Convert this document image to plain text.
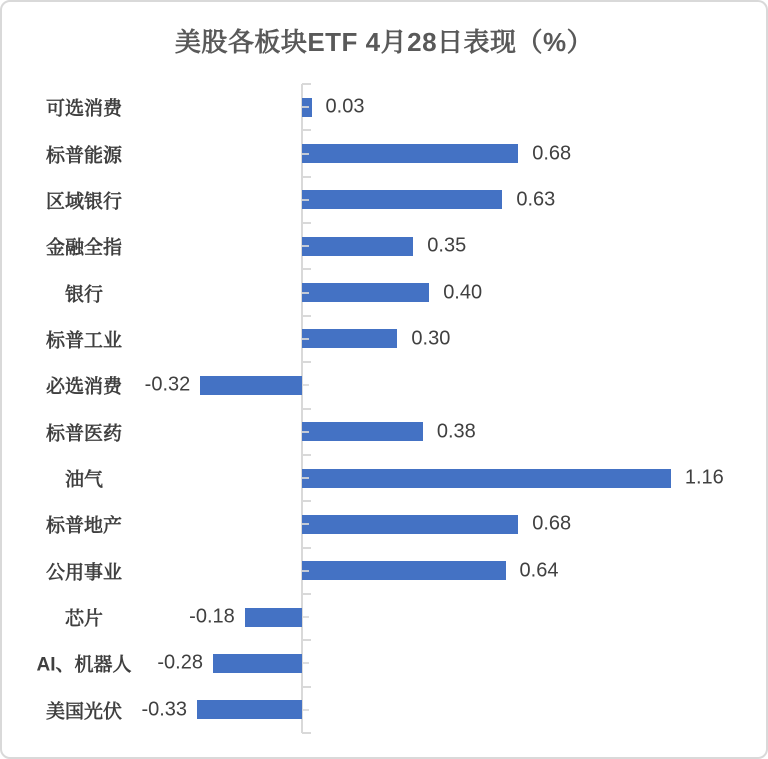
美股各板块ETF 4月28日表现（%）
可选消费	0.03
标普能源	0.68
区域银行	0.63
金融全指	0.35
银行	0.40
标普工业	0.30
必选消费	-0.32
标普医药	0.38
油气	1.16
标普地产	0.68
公用事业	0.64
芯片	-0.18
AI、机器人	-0.28
美国光伏 -0.33
